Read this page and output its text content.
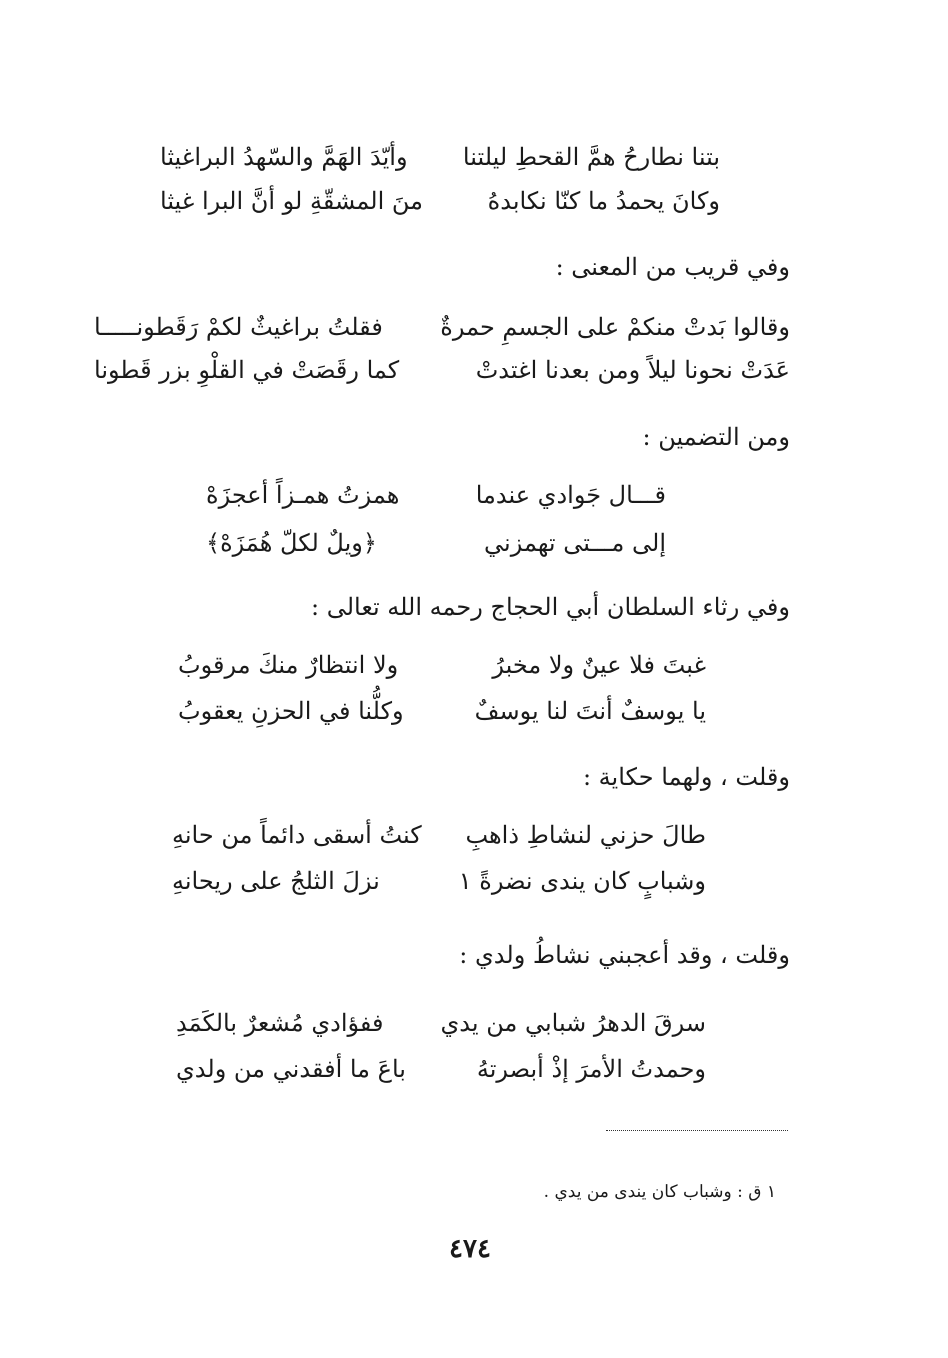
بتنا نطارحُ همَّ القحطِ ليلتنا
وأيّدَ الهَمَّ والسّهدُ البراغيثا
وكانَ يحمدُ ما كنّا نكابدهُ
منَ المشقّةِ لو أنَّ البرا غيثا
وفي قريب من المعنى :
وقالوا بَدتْ منكمْ على الجسمِ حمرةٌ
فقلتُ براغيثٌ لكمْ رَقَطونـــــا
عَدَتْ نحونا ليلاً ومن بعدنا اغتدتْ
كما رقَصَتْ في القلْوِ بزر قَطونا
ومن التضمين :
قـــال جَوادي عندما
همزتُ همـزاً أعجزَهْ
إلى مـــتى تهمزني
﴿ويلٌ لكلّ هُمَزَهْ﴾
وفي رثاء السلطان أبي الحجاج رحمه الله تعالى :
غبتَ فلا عينٌ ولا مخبرُ
ولا انتظارٌ منكَ مرقوبُ
يا يوسفٌ أنتَ لنا يوسفٌ
وكلُّنا في الحزنِ يعقوبُ
وقلت ، ولهما حكاية :
طالَ حزني لنشاطِ ذاهبِ
كنتُ أسقى دائماً من حانهِ
وشبابٍ كان يندى نضرةً ١
نزلَ الثلجُ على ريحانهِ
وقلت ، وقد أعجبني نشاطُ ولدي :
سرقَ الدهرُ شبابي من يدي
ففؤادي مُشعرٌ بالكَمَدِ
وحمدتُ الأمرَ إذْ أبصرتهُ
باعَ ما أفقدني من ولدي
١ ق : وشباب كان يندى من يدي .
٤٧٤
